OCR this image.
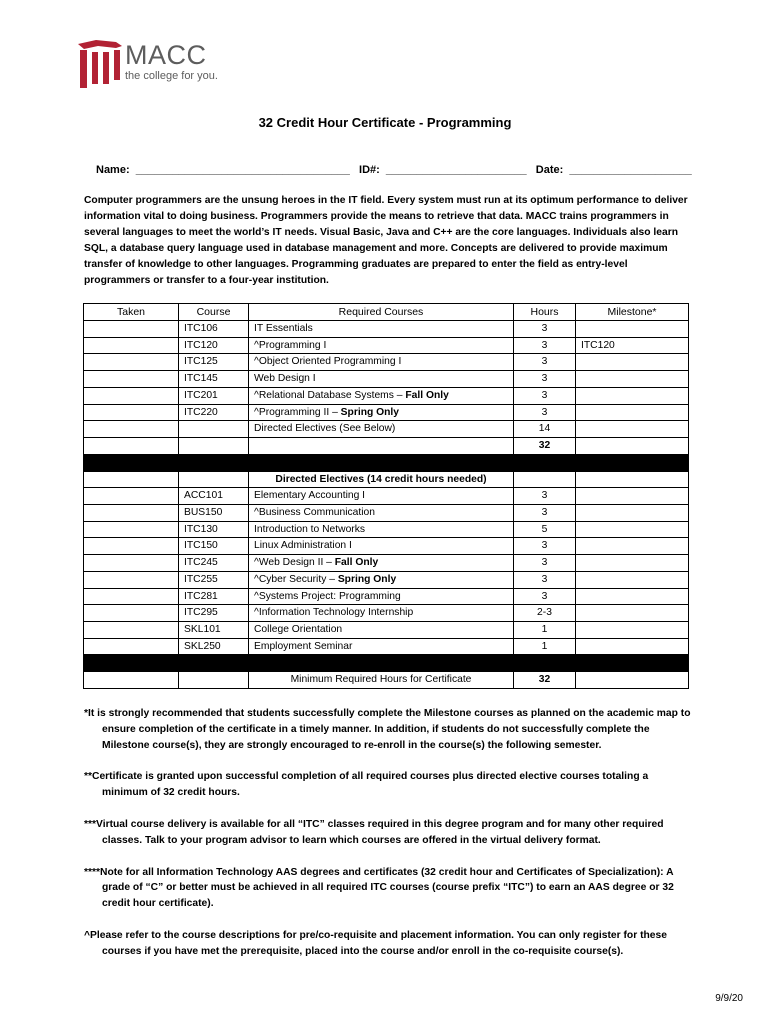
MACC
the college for you.
32 Credit Hour Certificate - Programming
Name:  ___________________________________   ID#:  _______________________   Date:  ____________________
Computer programmers are the unsung heroes in the IT field. Every system must run at its optimum performance to deliver information vital to doing business. Programmers provide the means to retrieve that data. MACC trains programmers in several languages to meet the world’s IT needs. Visual Basic, Java and C++ are the core languages. Individuals also learn SQL, a database query language used in database management and more. Concepts are delivered to provide maximum transfer of knowledge to other languages. Programming graduates are prepared to enter the field as entry-level programmers or transfer to a four-year institution.
Taken	Course	Required Courses	Hours	Milestone*
	ITC106	IT Essentials	3	
	ITC120	^Programming I	3	ITC120
	ITC125	^Object Oriented Programming I	3	
	ITC145	Web Design I	3	
	ITC201	^Relational Database Systems – Fall Only	3	
	ITC220	^Programming II – Spring Only	3	
		Directed Electives (See Below)	14	
			32	

		Directed Electives (14 credit hours needed)		
	ACC101	Elementary Accounting I	3	
	BUS150	^Business Communication	3	
	ITC130	Introduction to Networks	5	
	ITC150	Linux Administration I	3	
	ITC245	^Web Design II – Fall Only	3	
	ITC255	^Cyber Security – Spring Only	3	
	ITC281	^Systems Project: Programming	3	
	ITC295	^Information Technology Internship	2-3	
	SKL101	College Orientation	1	
	SKL250	Employment Seminar	1	

		Minimum Required Hours for Certificate	32	

*It is strongly recommended that students successfully complete the Milestone courses as planned on the academic map to ensure completion of the certificate in a timely manner. In addition, if students do not successfully complete the Milestone course(s), they are strongly encouraged to re-enroll in the course(s) the following semester.

**Certificate is granted upon successful completion of all required courses plus directed elective courses totaling a minimum of 32 credit hours.

***Virtual course delivery is available for all “ITC” classes required in this degree program and for many other required classes. Talk to your program advisor to learn which courses are offered in the virtual delivery format.

****Note for all Information Technology AAS degrees and certificates (32 credit hour and Certificates of Specialization): A grade of “C” or better must be achieved in all required ITC courses (course prefix “ITC”) to earn an AAS degree or 32 credit hour certificate).

^Please refer to the course descriptions for pre/co-requisite and placement information. You can only register for these courses if you have met the prerequisite, placed into the course and/or enroll in the co-requisite course(s).

9/9/20
